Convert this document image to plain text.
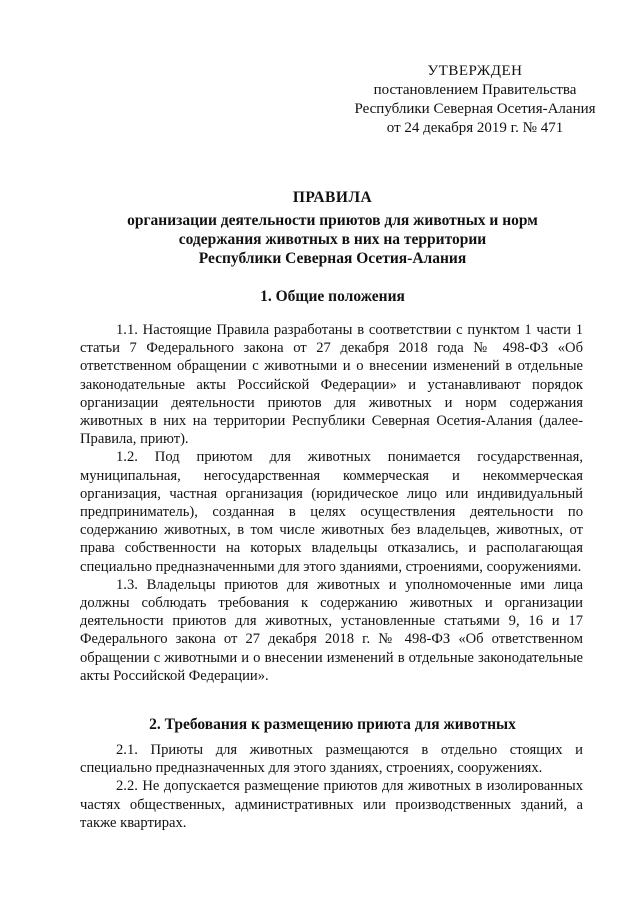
УТВЕРЖДЕН
постановлением Правительства
Республики Северная Осетия-Алания
от 24 декабря 2019 г. № 471
ПРАВИЛА
организации деятельности приютов для животных и норм
содержания животных в них на территории
Республики Северная Осетия-Алания
1. Общие положения

1.1. Настоящие Правила разработаны в соответствии с пунктом 1 части 1 статьи 7 Федерального закона от 27 декабря 2018 года № 498-ФЗ «Об ответственном обращении с животными и о внесении изменений в отдельные законодательные акты Российской Федерации» и устанавливают порядок организации деятельности приютов для животных и норм содержания животных в них на территории Республики Северная Осетия-Алания (далее-Правила, приют).

1.2. Под приютом для животных понимается государственная, муниципальная, негосударственная коммерческая и некоммерческая организация, частная организация (юридическое лицо или индивидуальный предприниматель), созданная в целях осуществления деятельности по содержанию животных, в том числе животных без владельцев, животных, от права собственности на которых владельцы отказались, и располагающая специально предназначенными для этого зданиями, строениями, сооружениями.

1.3. Владельцы приютов для животных и уполномоченные ими лица должны соблюдать требования к содержанию животных и организации деятельности приютов для животных, установленные статьями 9, 16 и 17 Федерального закона от 27 декабря 2018 г. № 498-ФЗ «Об ответственном обращении с животными и о внесении изменений в отдельные законодательные акты Российской Федерации».

2. Требования к размещению приюта для животных

2.1. Приюты для животных размещаются в отдельно стоящих и специально предназначенных для этого зданиях, строениях, сооружениях.

2.2. Не допускается размещение приютов для животных в изолированных частях общественных, административных или производственных зданий, а также квартирах.
